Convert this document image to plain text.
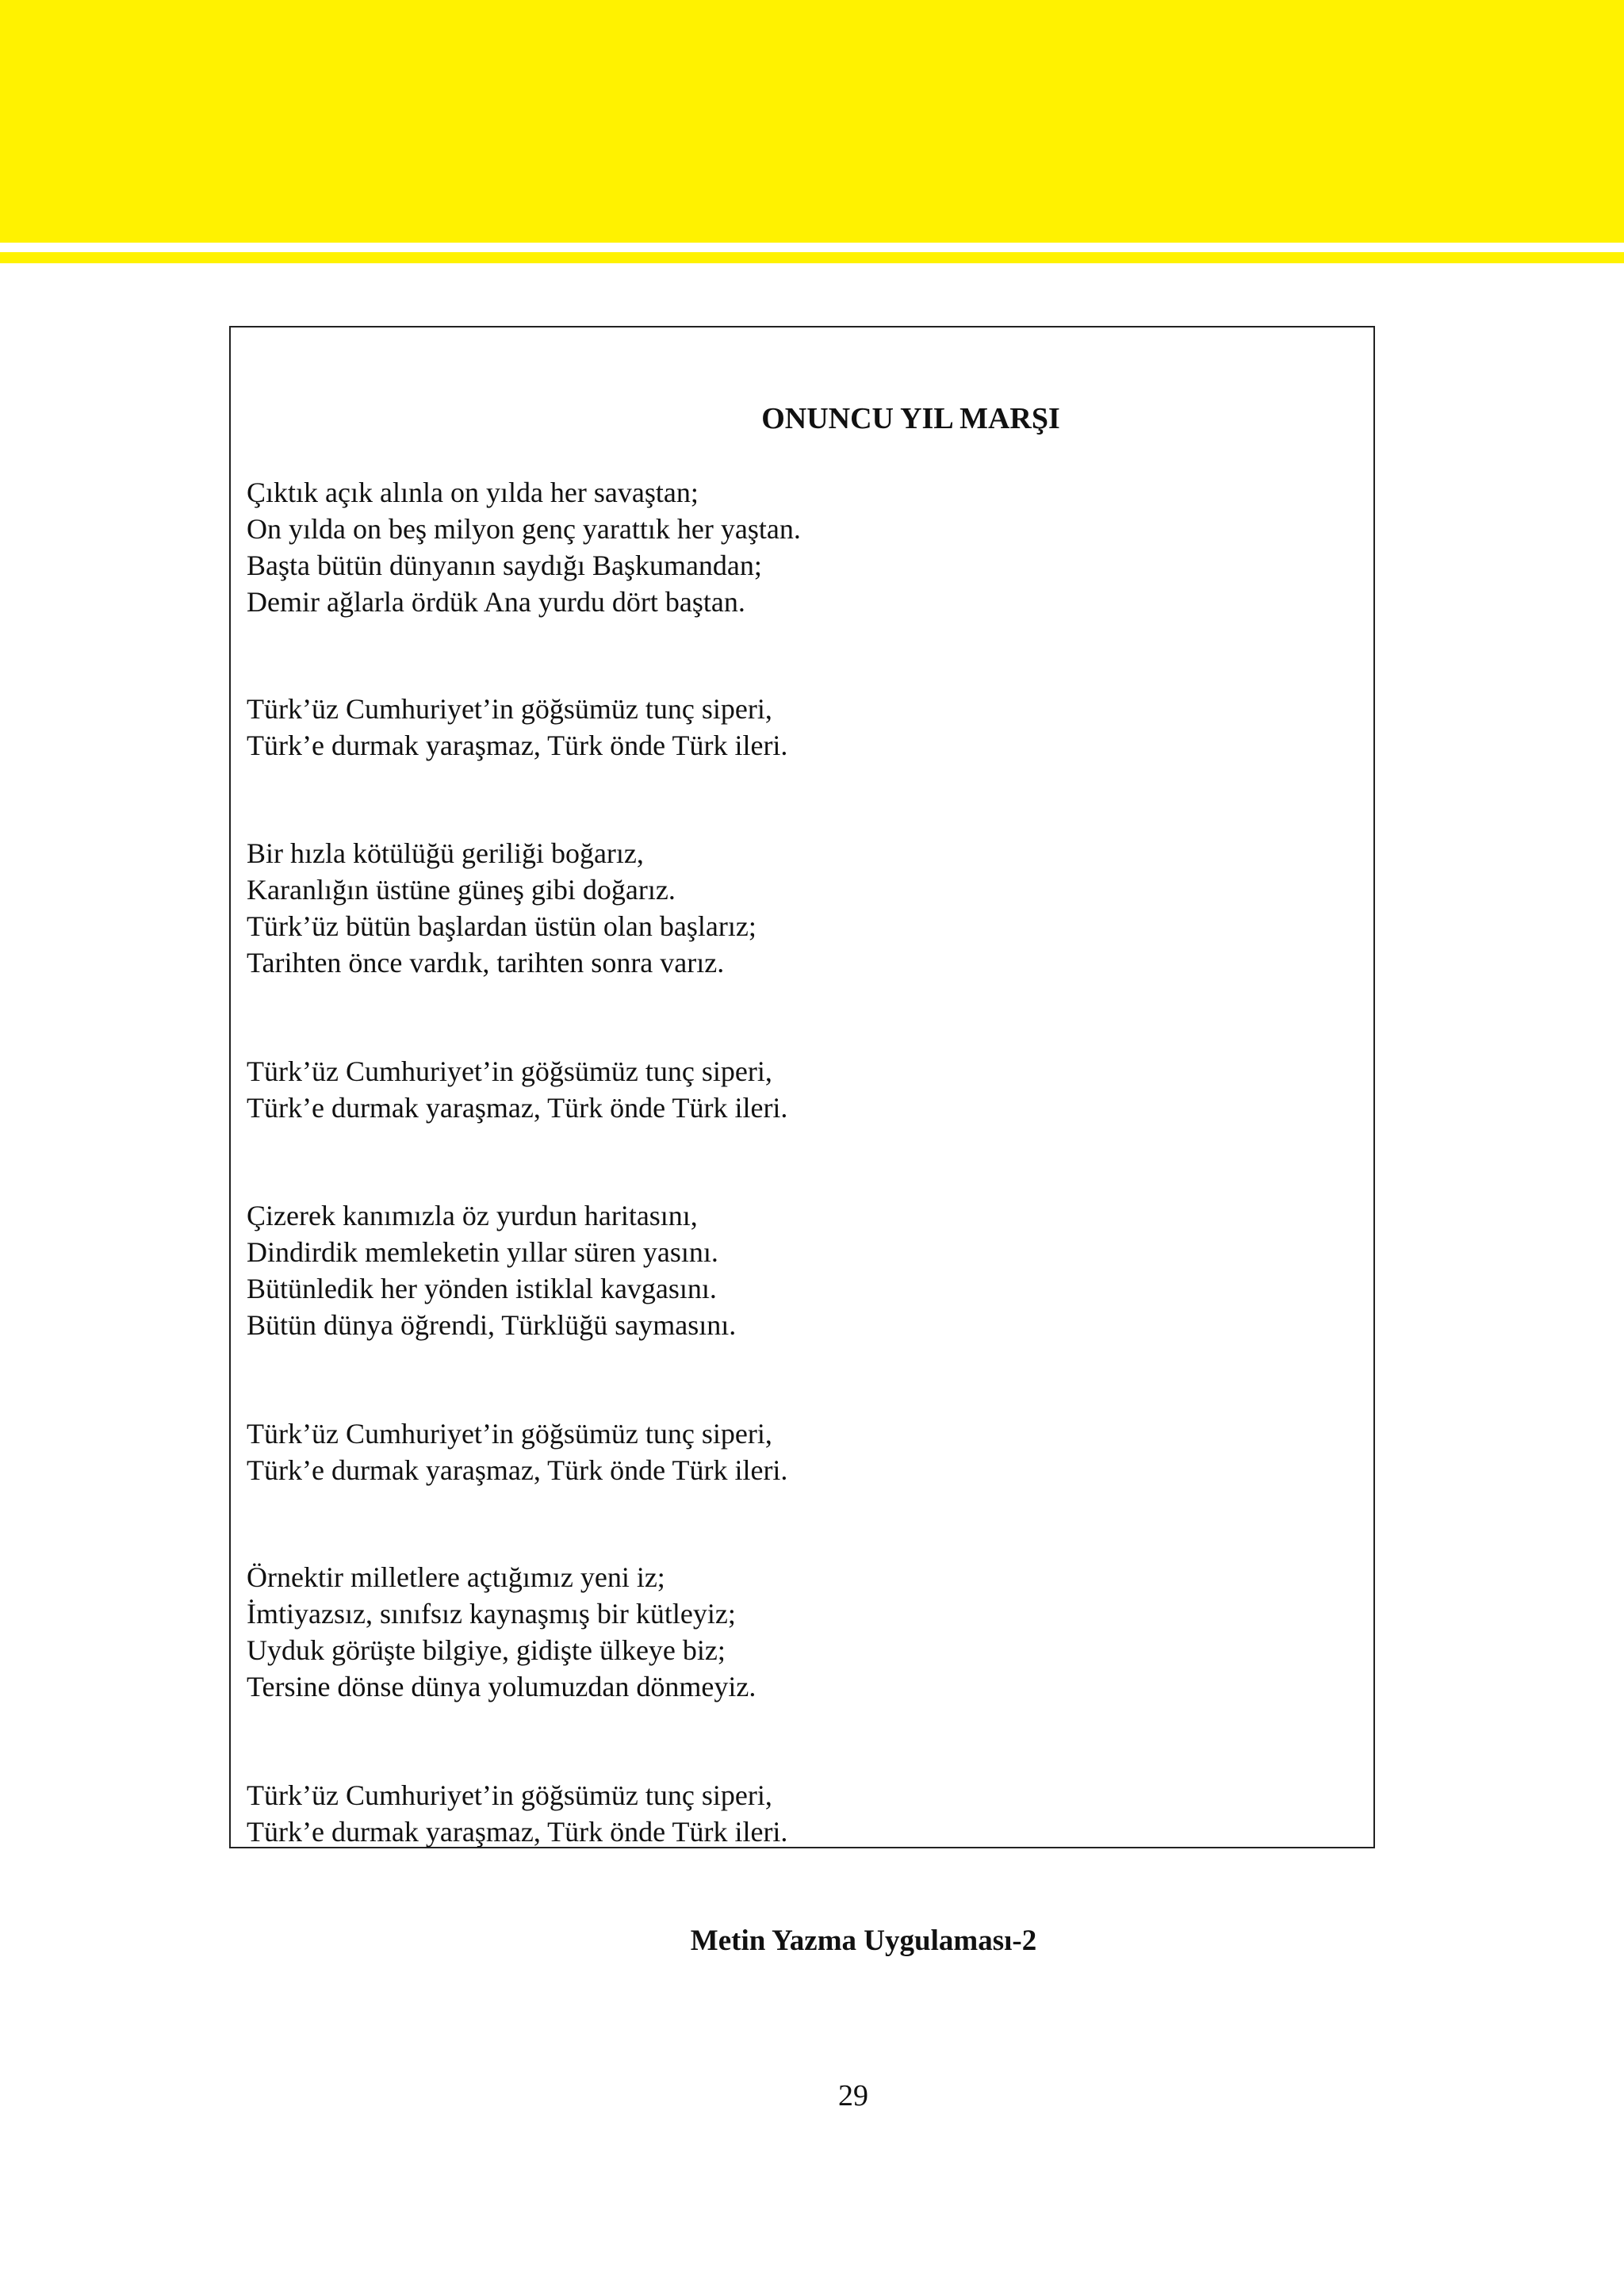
ONUNCU YIL MARŞI

Çıktık açık alınla on yılda her savaştan;
On yılda on beş milyon genç yarattık her yaştan.
Başta bütün dünyanın saydığı Başkumandan;
Demir ağlarla ördük Ana yurdu dört baştan.

Türk’üz Cumhuriyet’in göğsümüz tunç siperi,
Türk’e durmak yaraşmaz, Türk önde Türk ileri.

Bir hızla kötülüğü geriliği boğarız,
Karanlığın üstüne güneş gibi doğarız.
Türk’üz bütün başlardan üstün olan başlarız;
Tarihten önce vardık, tarihten sonra varız.

Türk’üz Cumhuriyet’in göğsümüz tunç siperi,
Türk’e durmak yaraşmaz, Türk önde Türk ileri.

Çizerek kanımızla öz yurdun haritasını,
Dindirdik memleketin yıllar süren yasını.
Bütünledik her yönden istiklal kavgasını.
Bütün dünya öğrendi, Türklüğü saymasını.

Türk’üz Cumhuriyet’in göğsümüz tunç siperi,
Türk’e durmak yaraşmaz, Türk önde Türk ileri.

Örnektir milletlere açtığımız yeni iz;
İmtiyazsız, sınıfsız kaynaşmış bir kütleyiz;
Uyduk görüşte bilgiye, gidişte ülkeye biz;
Tersine dönse dünya yolumuzdan dönmeyiz.

Türk’üz Cumhuriyet’in göğsümüz tunç siperi,
Türk’e durmak yaraşmaz, Türk önde Türk ileri.

Metin Yazma Uygulaması-2
29
